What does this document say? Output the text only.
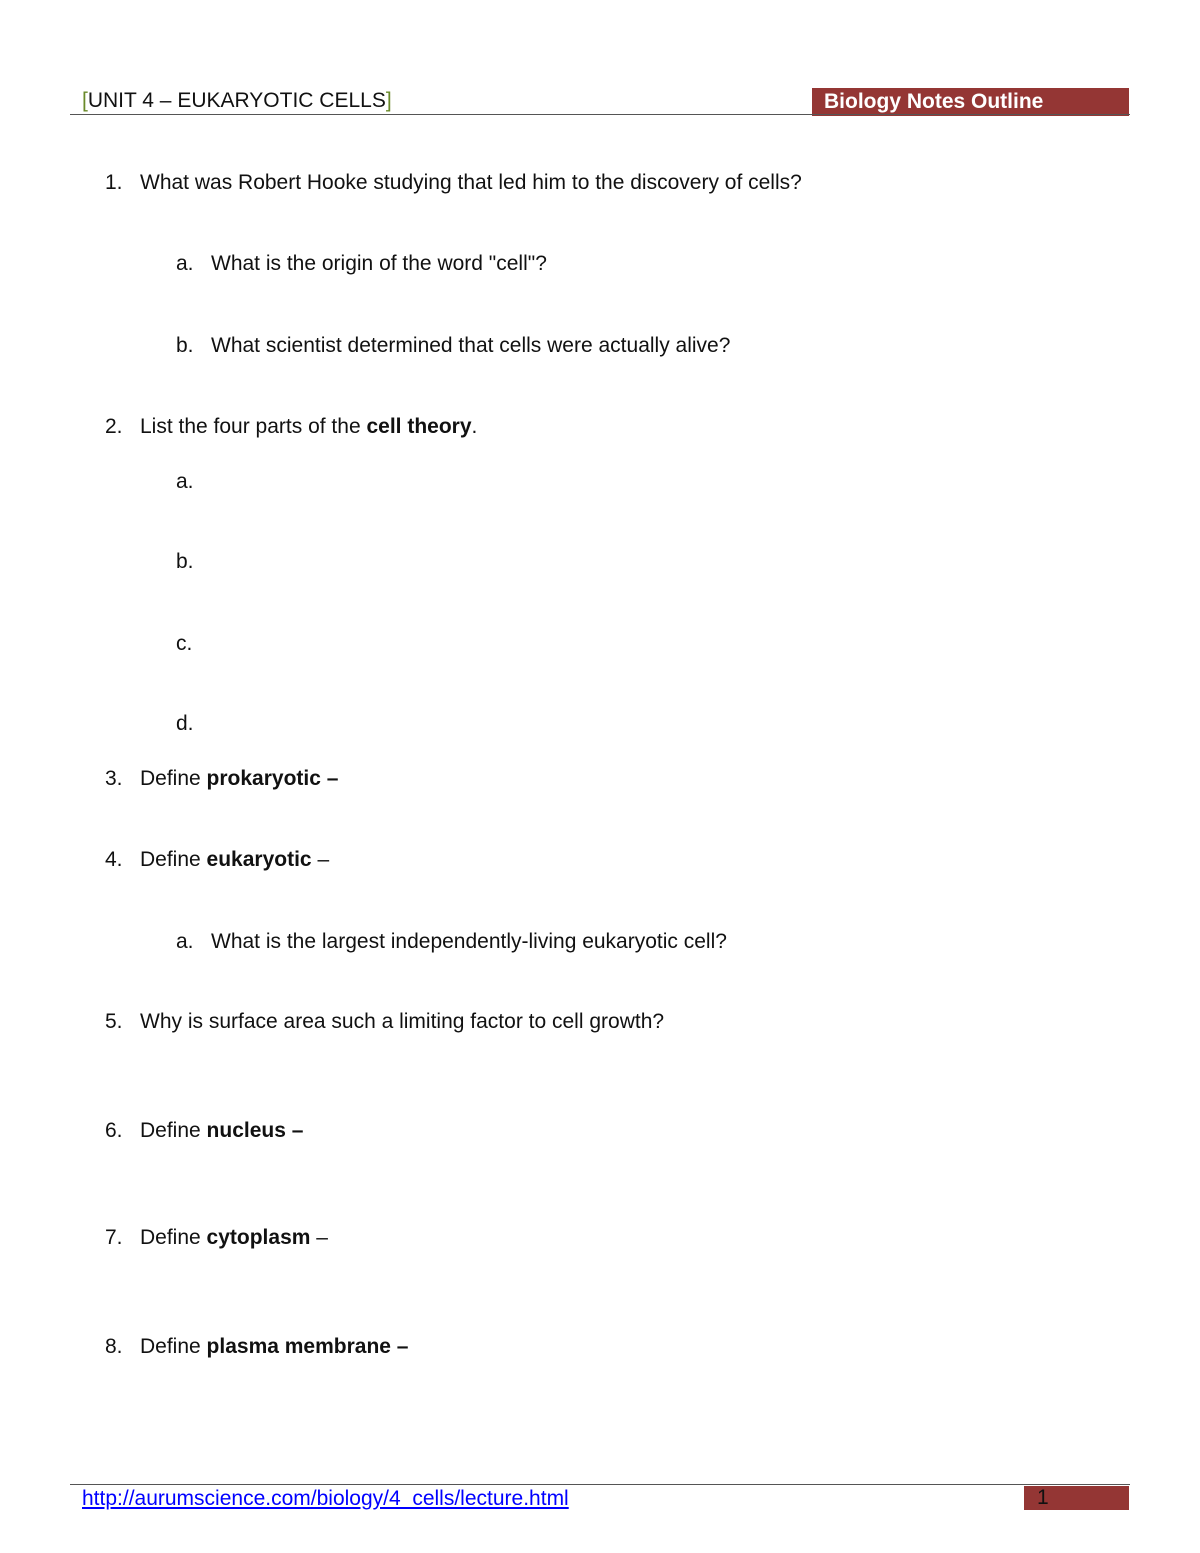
[UNIT 4 – EUKARYOTIC CELLS]	Biology Notes Outline
1. What was Robert Hooke studying that led him to the discovery of cells?
a. What is the origin of the word "cell"?
b. What scientist determined that cells were actually alive?
2. List the four parts of the cell theory.
a.
b.
c.
d.
3. Define prokaryotic –
4. Define eukaryotic –
a. What is the largest independently-living eukaryotic cell?
5. Why is surface area such a limiting factor to cell growth?
6. Define nucleus –
7. Define cytoplasm –
8. Define plasma membrane –
http://aurumscience.com/biology/4_cells/lecture.html	1
